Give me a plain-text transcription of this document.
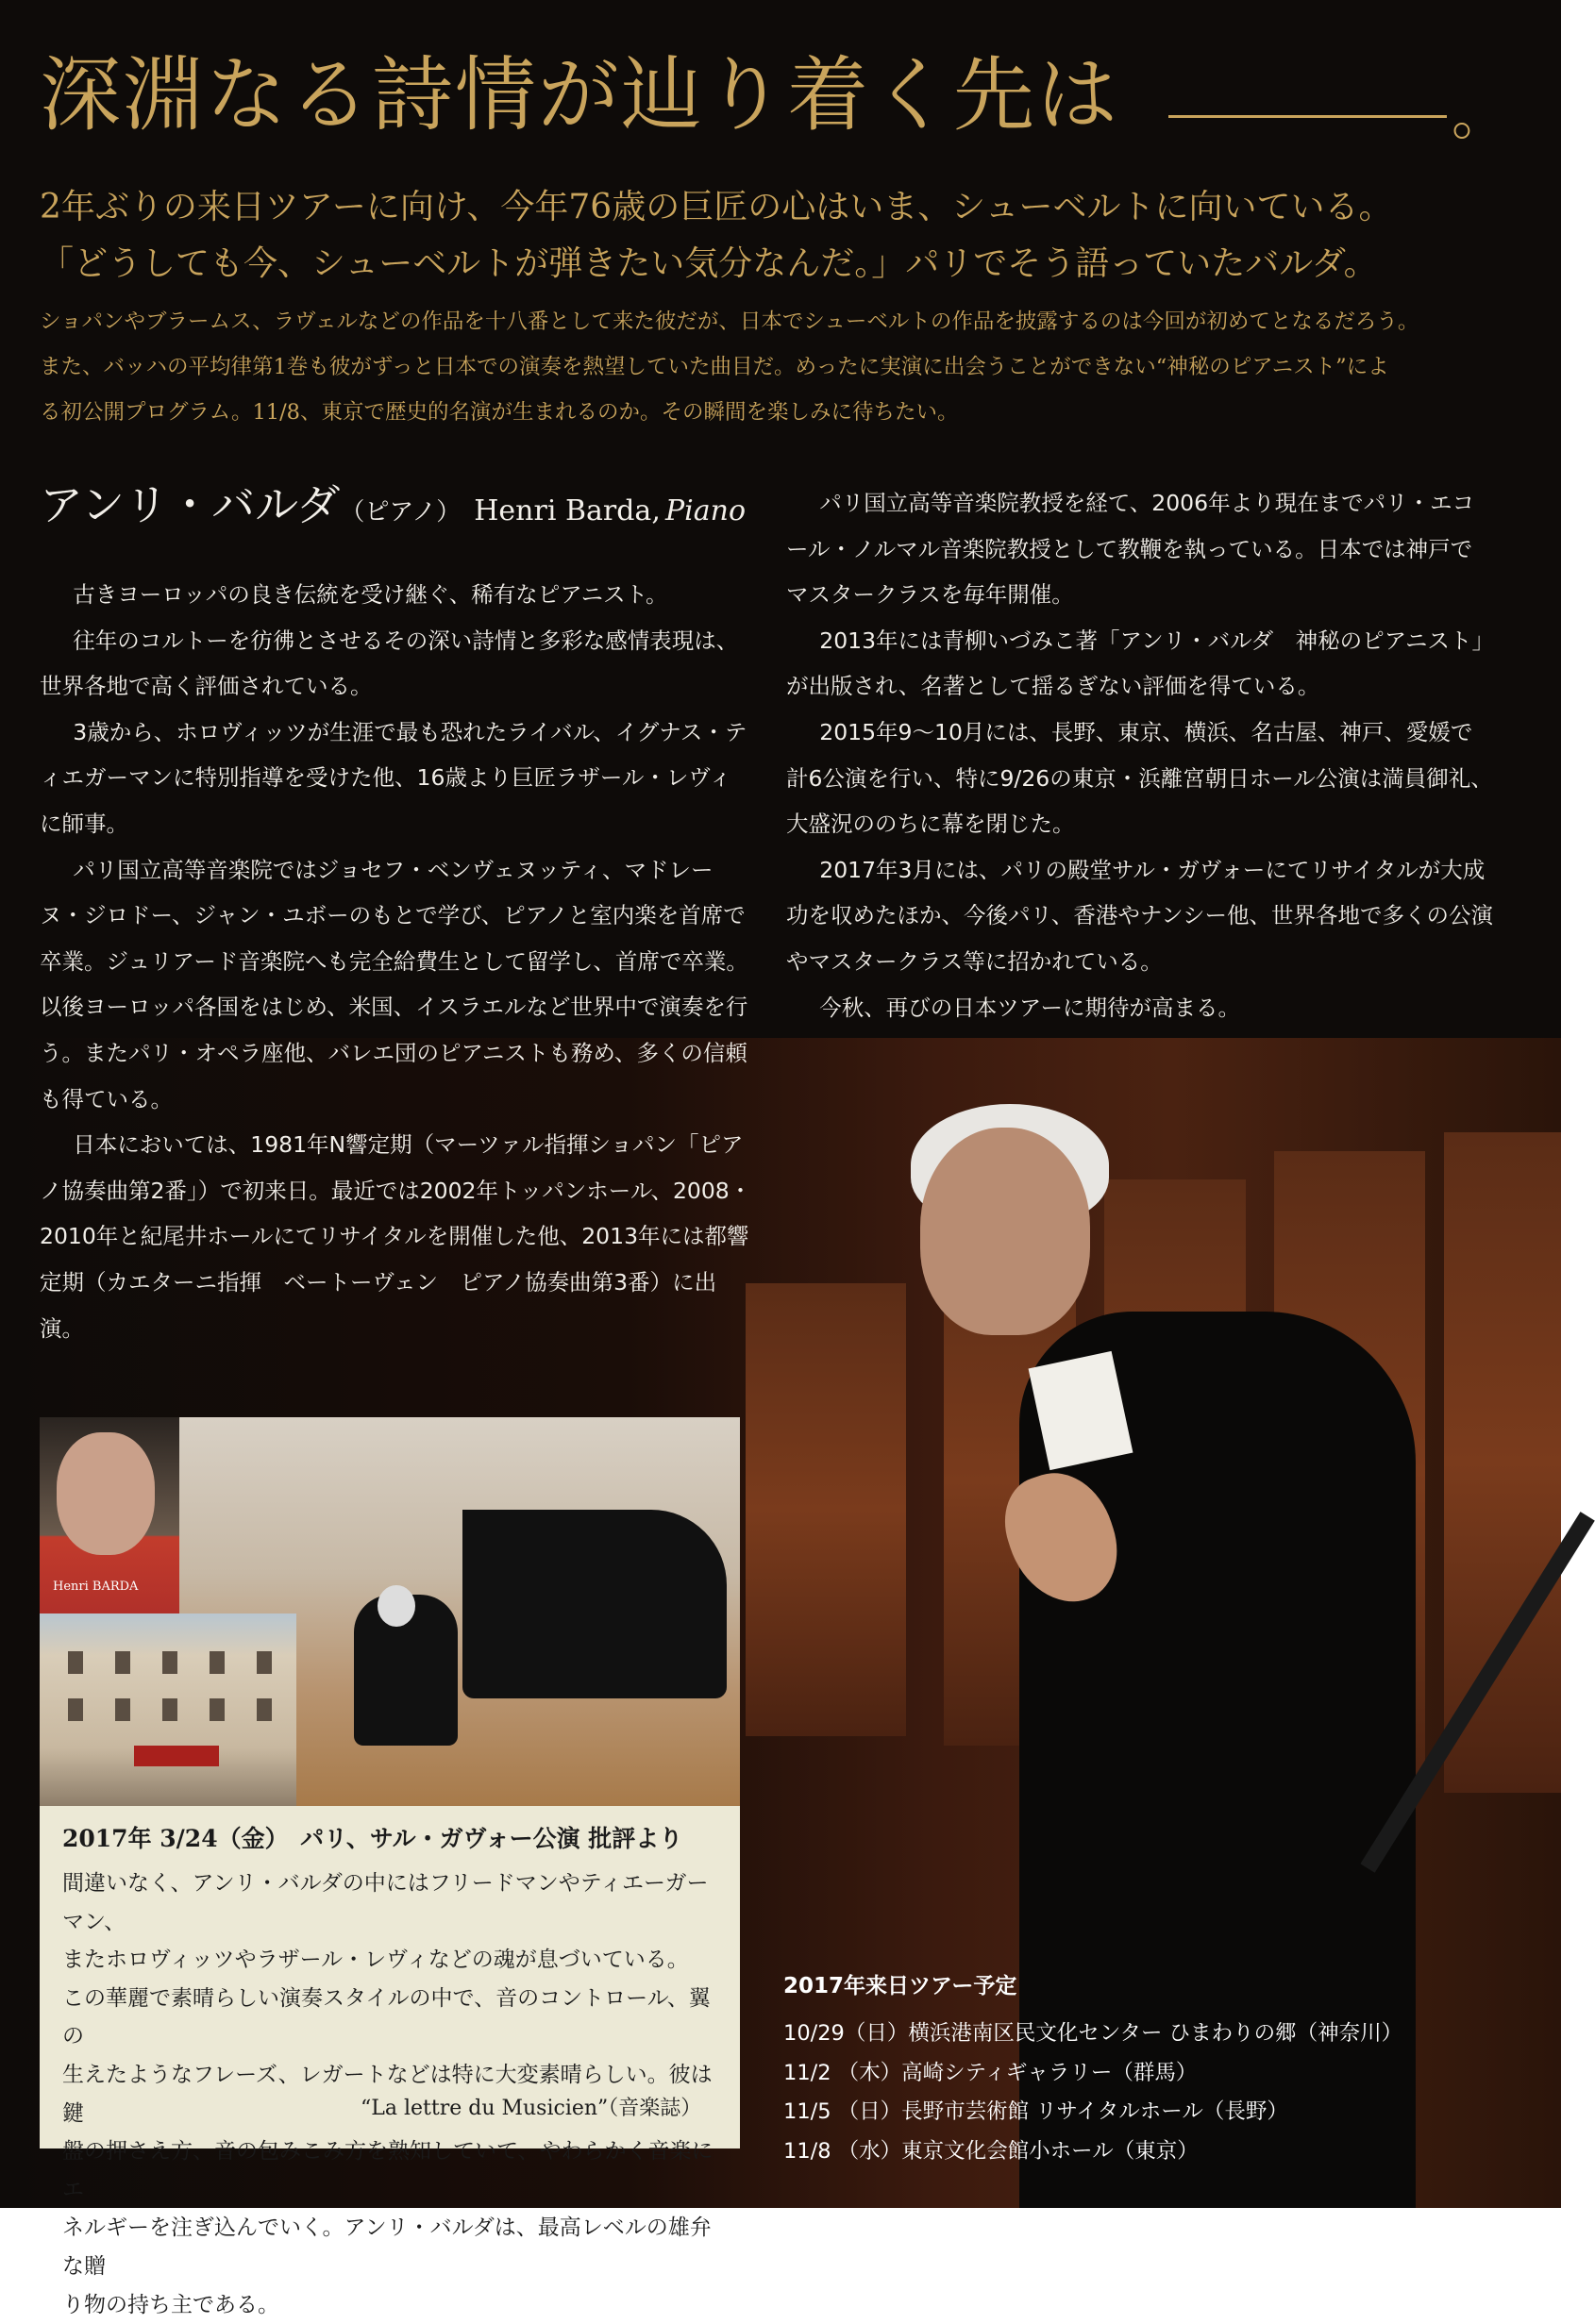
深淵なる詩情が辿り着く先は	。
2年ぶりの来日ツアーに向け、今年76歳の巨匠の心はいま、シューベルトに向いている。
「どうしても今、シューベルトが弾きたい気分なんだ。」パリでそう語っていたバルダ。
ショパンやブラームス、ラヴェルなどの作品を十八番として来た彼だが、日本でシューベルトの作品を披露するのは今回が初めてとなるだろう。
また、バッハの平均律第1巻も彼がずっと日本での演奏を熱望していた曲目だ。めったに実演に出会うことができない“神秘のピアニスト”によ
る初公開プログラム。11/8、東京で歴史的名演が生まれるのか。その瞬間を楽しみに待ちたい。
アンリ・バルダ（ピアノ） Henri Barda, Piano

古きヨーロッパの良き伝統を受け継ぐ、稀有なピアニスト。

往年のコルトーを彷彿とさせるその深い詩情と多彩な感情表現は、世界各地で高く評価されている。

3歳から、ホロヴィッツが生涯で最も恐れたライバル、イグナス・ティエガーマンに特別指導を受けた他、16歳より巨匠ラザール・レヴィに師事。

パリ国立高等音楽院ではジョセフ・ベンヴェヌッティ、マドレーヌ・ジロドー、ジャン・ユボーのもとで学び、ピアノと室内楽を首席で卒業。ジュリアード音楽院へも完全給費生として留学し、首席で卒業。以後ヨーロッパ各国をはじめ、米国、イスラエルなど世界中で演奏を行う。またパリ・オペラ座他、バレエ団のピアニストも務め、多くの信頼も得ている。

日本においては、1981年N響定期（マーツァル指揮ショパン「ピアノ協奏曲第2番」）で初来日。最近では2002年トッパンホール、2008・2010年と紀尾井ホールにてリサイタルを開催した他、2013年には都響定期（カエターニ指揮　ベートーヴェン　ピアノ協奏曲第3番）に出演。

パリ国立高等音楽院教授を経て、2006年より現在までパリ・エコール・ノルマル音楽院教授として教鞭を執っている。日本では神戸でマスタークラスを毎年開催。

2013年には青柳いづみこ著「アンリ・バルダ　神秘のピアニスト」が出版され、名著として揺るぎない評価を得ている。

2015年9〜10月には、長野、東京、横浜、名古屋、神戸、愛媛で計6公演を行い、特に9/26の東京・浜離宮朝日ホール公演は満員御礼、大盛況ののちに幕を閉じた。

2017年3月には、パリの殿堂サル・ガヴォーにてリサイタルが大成功を収めたほか、今後パリ、香港やナンシー他、世界各地で多くの公演やマスタークラス等に招かれている。

今秋、再びの日本ツアーに期待が高まる。

Henri BARDA
2017年 3/24（金）　パリ、サル・ガヴォー公演 批評より

間違いなく、アンリ・バルダの中にはフリードマンやティエーガーマン、

またホロヴィッツやラザール・レヴィなどの魂が息づいている。

この華麗で素晴らしい演奏スタイルの中で、音のコントロール、翼の

生えたようなフレーズ、レガートなどは特に大変素晴らしい。彼は鍵

盤の押さえ方、音の包みこみ方を熟知していて、やわらかく音楽にエ

ネルギーを注ぎ込んでいく。アンリ・バルダは、最高レベルの雄弁な贈

り物の持ち主である。

“La lettre du Musicien”（音楽誌）
2017年来日ツアー予定
10/29（日）横浜港南区民文化センター ひまわりの郷（神奈川）
11/2 （木）高崎シティギャラリー（群馬）
11/5 （日）長野市芸術館 リサイタルホール（長野）
11/8 （水）東京文化会館小ホール（東京）
